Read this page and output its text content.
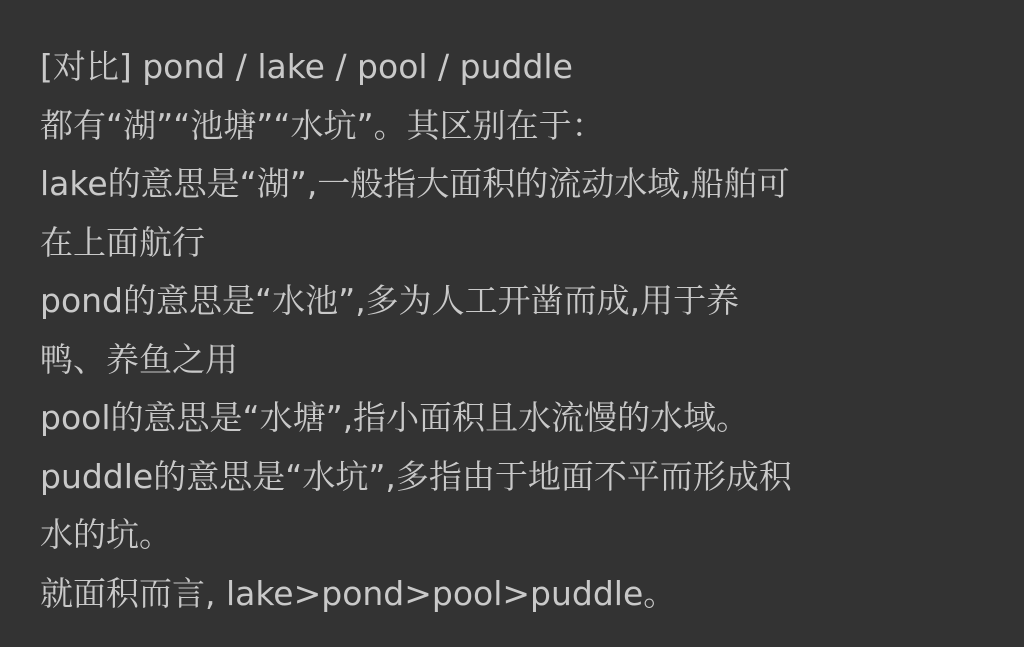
[对比] pond / lake / pool / puddle
都有“湖”“池塘”“水坑”。其区别在于：
lake的意思是“湖”,一般指大面积的流动水域,船舶可
在上面航行
pond的意思是“水池”,多为人工开凿而成,用于养
鸭、养鱼之用
pool的意思是“水塘”,指小面积且水流慢的水域。
puddle的意思是“水坑”,多指由于地面不平而形成积
水的坑。
就面积而言, lake>pond>pool>puddle。
